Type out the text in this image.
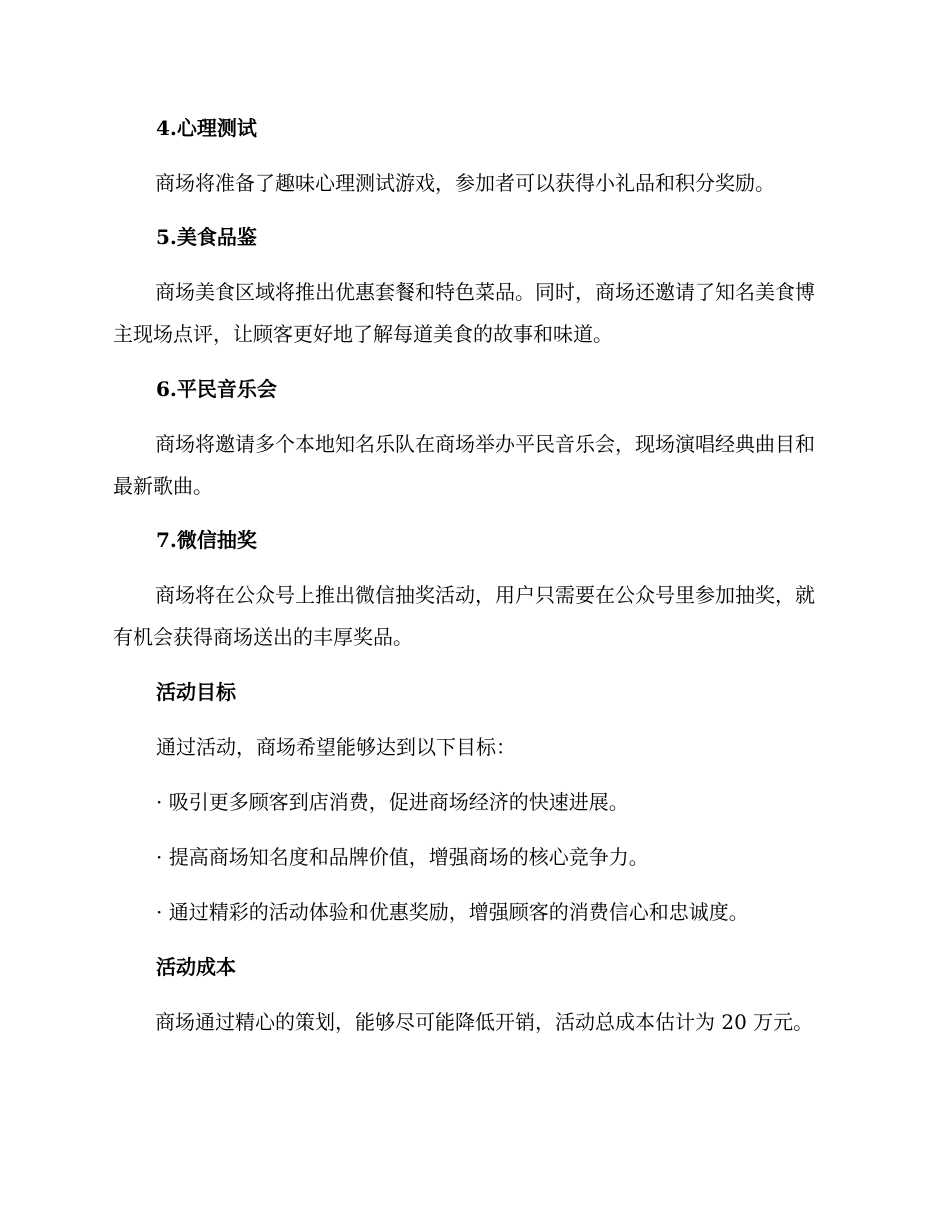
4.心理测试
商场将准备了趣味心理测试游戏，参加者可以获得小礼品和积分奖励。
5.美食品鉴
商场美食区域将推出优惠套餐和特色菜品。同时，商场还邀请了知名美食博主现场点评，让顾客更好地了解每道美食的故事和味道。
6.平民音乐会
商场将邀请多个本地知名乐队在商场举办平民音乐会，现场演唱经典曲目和最新歌曲。
7.微信抽奖
商场将在公众号上推出微信抽奖活动，用户只需要在公众号里参加抽奖，就有机会获得商场送出的丰厚奖品。
活动目标
通过活动，商场希望能够达到以下目标：
· 吸引更多顾客到店消费，促进商场经济的快速进展。
· 提高商场知名度和品牌价值，增强商场的核心竞争力。
· 通过精彩的活动体验和优惠奖励，增强顾客的消费信心和忠诚度。
活动成本
商场通过精心的策划，能够尽可能降低开销，活动总成本估计为 20 万元。
